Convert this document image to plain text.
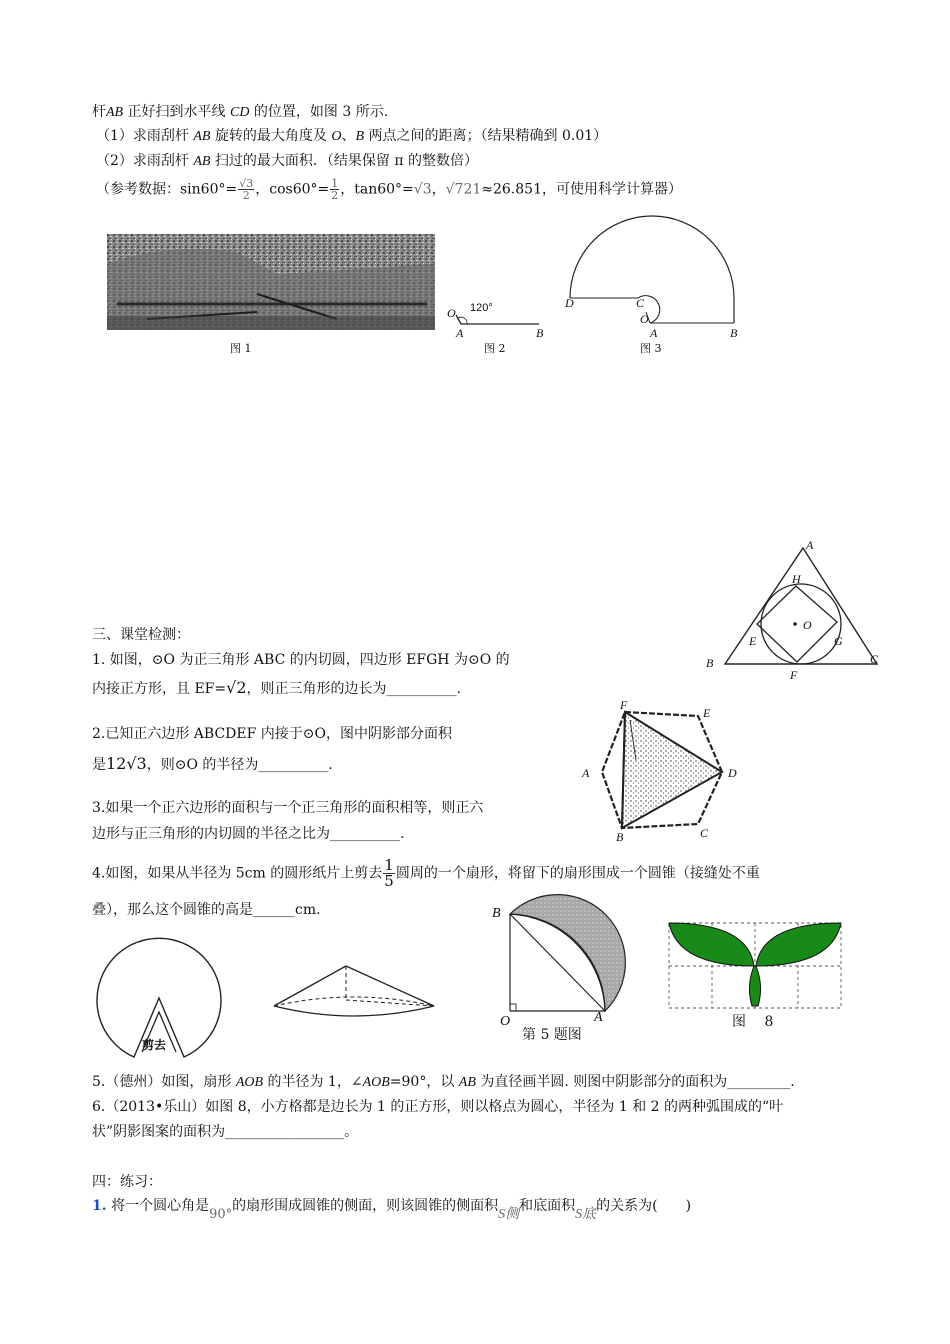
杆AB 正好扫到水平线 CD 的位置，如图 3 所示.
（1）求雨刮杆 AB 旋转的最大角度及 O、B 两点之间的距离；（结果精确到 0.01）
（2）求雨刮杆 AB 扫过的最大面积．（结果保留 π 的整数倍）
（参考数据：$\sin 60^\circ= \frac{√3}{2}$ ，$\cos 60^\circ= \frac{1}{2}$ ，tan60°=√3，√721≈26.851，可使用科学计算器）
图 1
O
A	B
120°
图 2
D	C
O
A	B
图 3
A
H
O
E	G
B
F
C
三、课堂检测：
1. 如图，⊙O 为正三角形 ABC 的内切圆，四边形 EFGH 为⊙O 的
内接正方形，且 EF=√2，则正三角形的边长为__________.
2.已知正六边形 ABCDEF 内接于⊙O，图中阴影部分面积
是12√3，则⊙O 的半径为__________.
F
E
A	D
B	C
3.如果一个正六边形的面积与一个正三角形的面积相等，则正六
边形与正三角形的内切圆的半径之比为__________.
4.如图，如果从半径为 5cm 的圆形纸片上剪去 $\frac{1}{5}$ 圆周的一个扇形，将留下的扇形围成一个圆锥（接缝处不重
叠），那么这个圆锥的高是______cm.
剪去
B
O	A
第 5 题图
图　 8
5.（德州）如图，扇形 AOB 的半径为 1，∠AOB=90°，以 AB 为直径画半圆. 则图中阴影部分的面积为_________.
6.（2013•乐山）如图 8，小方格都是边长为 1 的正方形，则以格点为圆心，半径为 1 和 2 的两种弧围成的“叶
状”阴影图案的面积为_________________。
四：练习：
1. 将一个圆心角是90°的扇形围成圆锥的侧面，则该圆锥的侧面积S侧和底面积S底的关系为(　　)
